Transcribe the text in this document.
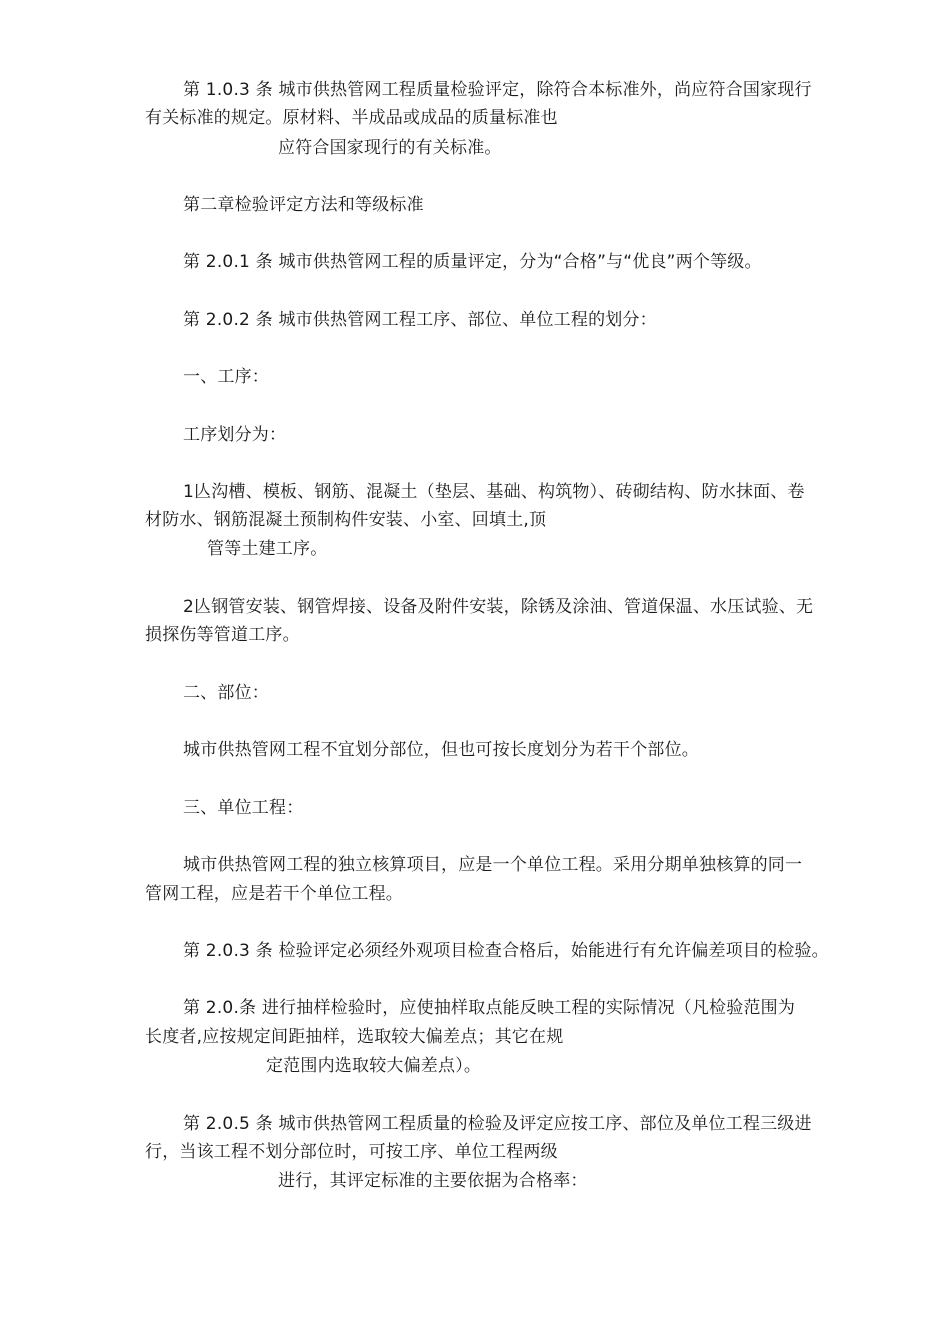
第 1.0.3 条 城市供热管网工程质量检验评定，除符合本标准外，尚应符合国家现行
有关标准的规定。原材料、半成品或成品的质量标准也
应符合国家现行的有关标准。
第二章检验评定方法和等级标准
第 2.0.1 条 城市供热管网工程的质量评定，分为“合格”与“优良”两个等级。
第 2.0.2 条 城市供热管网工程工序、部位、单位工程的划分：
一、工序：
工序划分为：
1亾沟槽、模板、钢筋、混凝土（垫层、基础、构筑物）、砖砌结构、防水抹面、卷
材防水、钢筋混凝土预制构件安装、小室、回填土,顶
管等土建工序。
2亾钢管安装、钢管焊接、设备及附件安装，除锈及涂油、管道保温、水压试验、无
损探伤等管道工序。
二、部位：
城市供热管网工程不宜划分部位，但也可按长度划分为若干个部位。
三、单位工程：
城市供热管网工程的独立核算项目，应是一个单位工程。采用分期单独核算的同一
管网工程，应是若干个单位工程。
第 2.0.3 条 检验评定必须经外观项目检查合格后，始能进行有允许偏差项目的检验。
第 2.0.条 进行抽样检验时，应使抽样取点能反映工程的实际情况（凡检验范围为
长度者,应按规定间距抽样，选取较大偏差点；其它在规
定范围内选取较大偏差点）。
第 2.0.5 条 城市供热管网工程质量的检验及评定应按工序、部位及单位工程三级进
行，当该工程不划分部位时，可按工序、单位工程两级
进行，其评定标准的主要依据为合格率：
